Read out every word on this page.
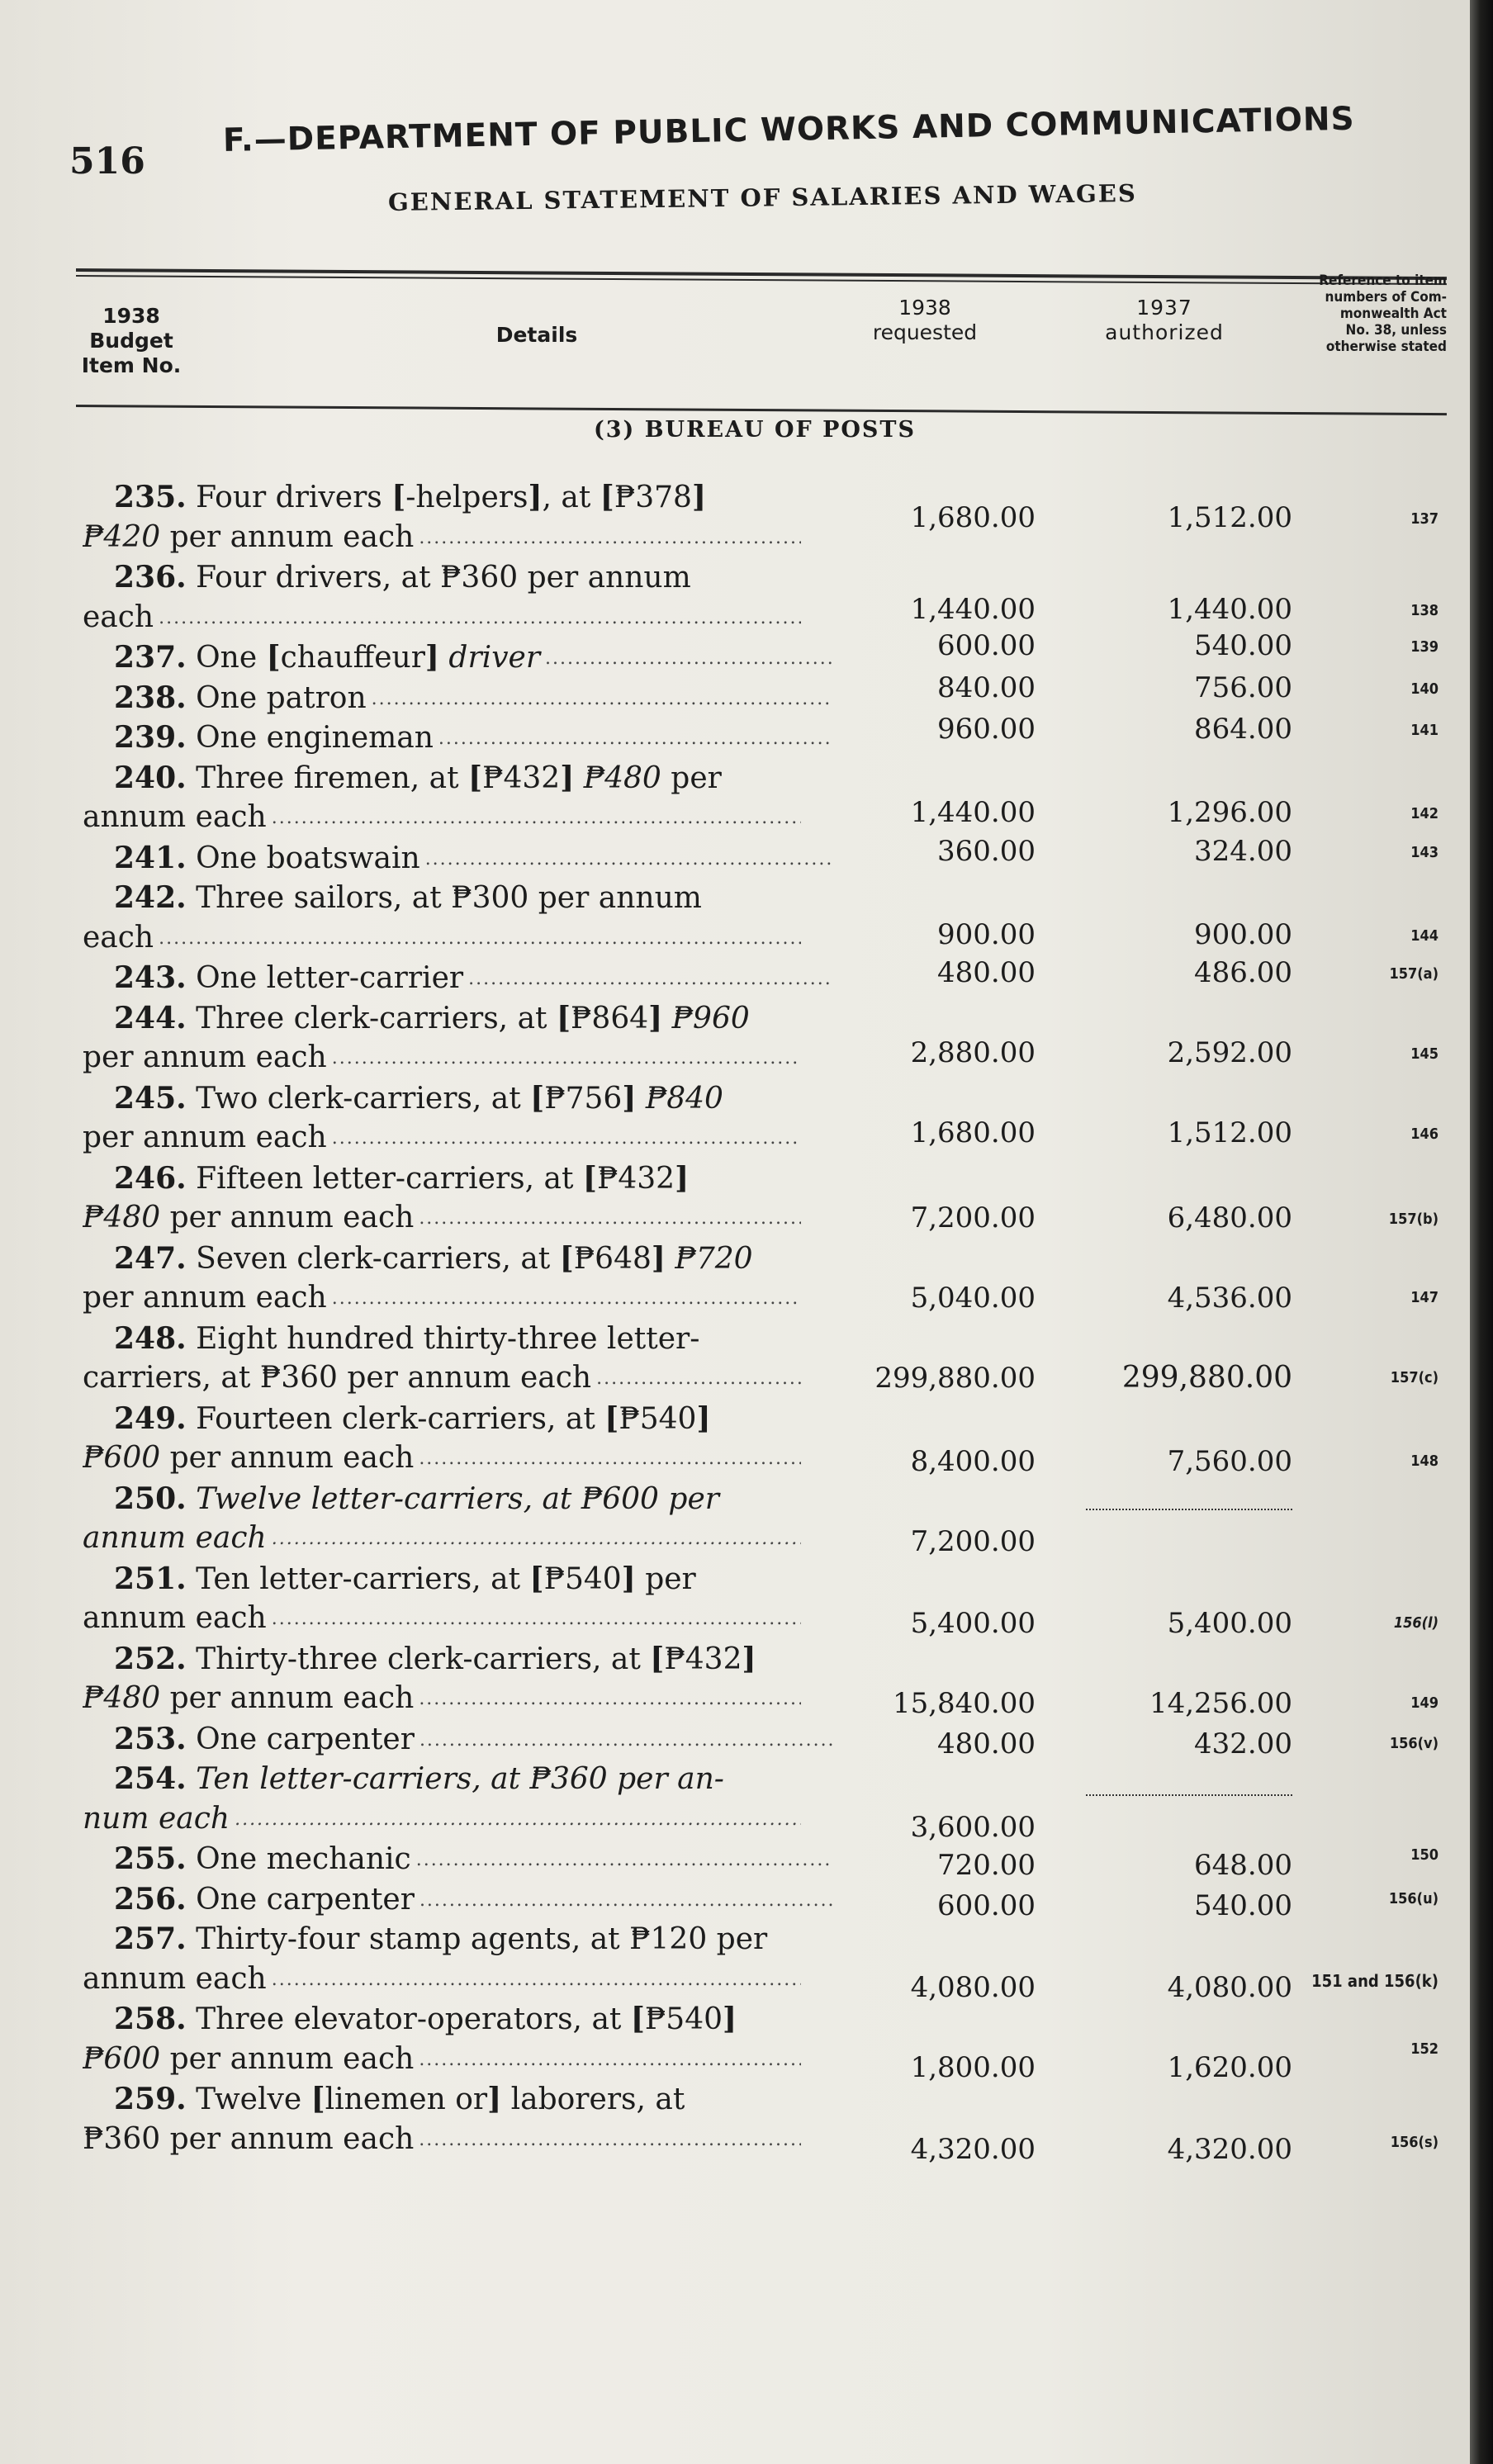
516
F.—DEPARTMENT OF PUBLIC WORKS AND COMMUNICATIONS
GENERAL STATEMENT OF SALARIES AND WAGES
1938
Budget
Item No.
Details
1938
requested
1937
authorized
Reference to item
numbers of Com-
monwealth Act
No. 38, unless
otherwise stated
(3) BUREAU OF POSTS
235. Four drivers [-helpers], at [₱378]
₱420 per annum each .....
1,680.00	1,512.00	137
236. Four drivers, at ₱360 per annum
each .....	1,440.00	1,440.00	138
237. One [chauffeur] driver .....	600.00	540.00	139
238. One patron .....	840.00	756.00	140
239. One engineman .....	960.00	864.00	141
240. Three firemen, at [₱432] ₱480 per
annum each .....	1,440.00	1,296.00	142
241. One boatswain .....	360.00	324.00	143
242. Three sailors, at ₱300 per annum
each .....	900.00	900.00	144
243. One letter-carrier .....	480.00	486.00	157(a)
244. Three clerk-carriers, at [₱864] ₱960
per annum each .....	2,880.00	2,592.00	145
245. Two clerk-carriers, at [₱756] ₱840
per annum each .....	1,680.00	1,512.00	146
246. Fifteen letter-carriers, at [₱432]
₱480 per annum each .....	7,200.00	6,480.00	157(b)
247. Seven clerk-carriers, at [₱648] ₱720
per annum each .....	5,040.00	4,536.00	147
248. Eight hundred thirty-three letter-
carriers, at ₱360 per annum each .....	299,880.00	299,880.00	157(c)
249. Fourteen clerk-carriers, at [₱540]
₱600 per annum each .....	8,400.00	7,560.00	148
250. Twelve letter-carriers, at ₱600 per
annum each .....	7,200.00
251. Ten letter-carriers, at [₱540] per
annum each .....	5,400.00	5,400.00	156(l)
252. Thirty-three clerk-carriers, at [₱432]
₱480 per annum each .....	15,840.00	14,256.00	149
253. One carpenter .....	480.00	432.00	156(v)
254. Ten letter-carriers, at ₱360 per an-
num each .....	3,600.00
255. One mechanic .....	720.00	648.00	150
256. One carpenter .....	600.00	540.00	156(u)
257. Thirty-four stamp agents, at ₱120 per
annum each .....	4,080.00	4,080.00	151 and 156(k)
258. Three elevator-operators, at [₱540]
₱600 per annum each .....	1,800.00	1,620.00
152
259. Twelve [linemen or] laborers, at
₱360 per annum each .....	4,320.00	4,320.00	156(s)
